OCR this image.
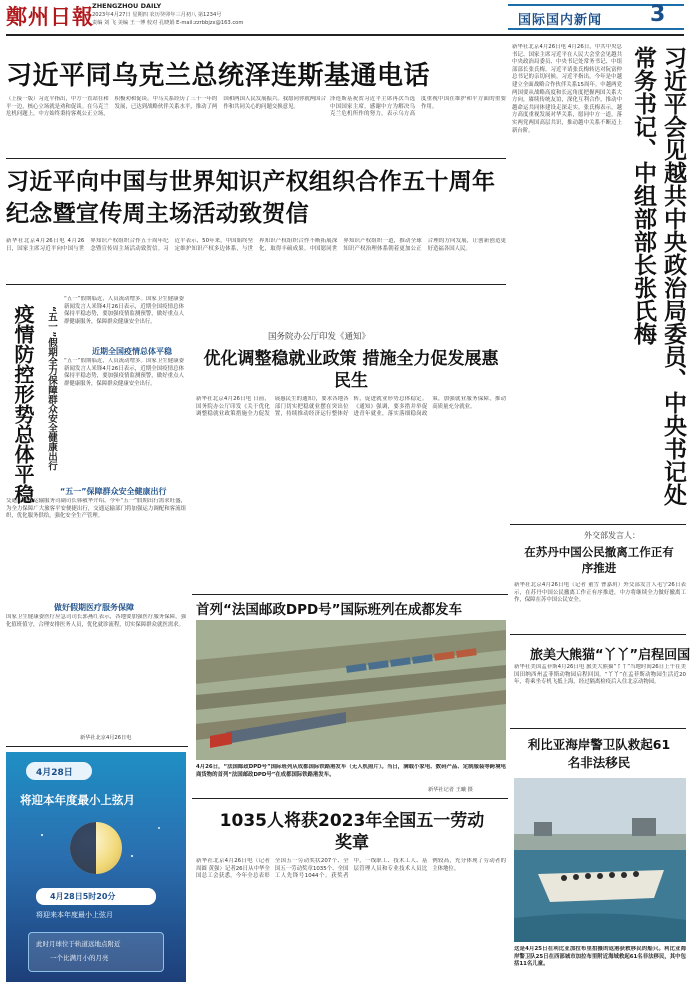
鄭州日報
ZHENGZHOU DAILY
2023年4月27日 星期四 农历癸卯年三月初八 第1234号
责编 刘 飞 美编 王一博 校对 孔晓娟 E-mail:zzrbbjzx@163.com	国际国内新闻 3
习近平同乌克兰总统泽连斯基通电话
（上接一版）习近平指出，中方一直站在和平一边，核心立场就是劝和促谈。在乌克兰危机问题上，中方始终秉持客观公正立场，积极劝和促谈。中乌关系经历了三十一年的发展，已达到战略伙伴关系水平，推动了两国和两国人民发展振兴。我愿同你就两国合作和共同关心的问题交换意见。
泽连斯基祝贺习近平主席再次当选中国国家主席，感谢中方为解决乌克兰危机所作的努力，表示乌方高度重视中国在维护和平方面的重要作用。
习近平向中国与世界知识产权组织合作五十周年纪念暨宣传周主场活动致贺信
新华社北京4月26日电 4月26日，国家主席习近平向中国与世界知识产权组织合作五十周年纪念暨宣传周主场活动致贺信。习近平表示，50年来，中国始终坚定维护知识产权多边体系，与世界知识产权组织合作不断拓展深化，取得丰硕成果。中国愿同世界知识产权组织一道，推动全球知识产权治理体系朝着更加公正合理的方向发展，让创新创造更好造福各国人民。
新华社北京4月26日电 4月26日，中共中央总书记、国家主席习近平在人民大会堂会见越共中央政治局委员、中央书记处常务书记、中组部部长张氏梅。习近平请张氏梅转达对阮富仲总书记的亲切问候。习近平指出，今年是中越建立全面战略合作伙伴关系15周年。中越两党两国要从战略高度和长远角度把握两国关系大方向，赓续传统友谊，深化互利合作，推动中越命运共同体建设走深走实。张氏梅表示，越方高度重视发展对华关系，愿同中方一道，落实两党两国高层共识，推动越中关系不断迈上新台阶。	习近平会见越共中央政治局委员、中央书记处常务书记、中组部部长张氏梅
疫情防控形势总体平稳	“五一”假期全力保障群众安全健康出行
“五一”假期临近，人员流动增多。国家卫生健康委新闻发言人米锋4月26日表示，近期全国疫情总体保持平稳态势，要加强疫情监测预警，做好重点人群健康服务，保障群众健康安全出行。
近期全国疫情总体平稳
“五一”假期临近，人员流动增多。国家卫生健康委新闻发言人米锋4月26日表示，近期全国疫情总体保持平稳态势，要加强疫情监测预警，做好重点人群健康服务，保障群众健康安全出行。
“五一”保障群众安全健康出行
交通运输部运输服务司副司长韩敬华介绍，今年“五一”假期出行需求旺盛，为全力保障广大旅客平安便捷出行，交通运输部门将加强运力调配和客流组织，优化服务供给，强化安全生产管理。
做好假期医疗服务保障
国家卫生健康委医疗应急司司长郭燕红表示，各地要加强医疗服务保障，强化值班值守，合理安排医务人员，优化就诊流程，切实保障群众就医需求。
新华社北京4月26日电
4月28日
将迎本年度最小上弦月
4月28日5时20分
将迎来本年度最小上弦月
此时月球位于轨道远地点附近
一个比满月小的月亮
国务院办公厅印发《通知》
优化调整稳就业政策 措施全力促发展惠民生
新华社北京4月26日电 日前，国务院办公厅印发《关于优化调整稳就业政策措施全力促发展惠民生的通知》，要求各地各部门切实把稳就业摆在突出位置，持续推动经济运行整体好转，促进就业形势总体稳定。《通知》强调，要多措并举促进青年就业，落实落细稳岗政策，加强就业服务保障，推动高质量充分就业。
首列“法国邮政DPD号”国际班列在成都发车
4月26日，“法国邮政DPD号”国际班列从成都国际铁路港发车（无人机照片）。当日，满载小家电、数码产品、定制服装等跨境电商货物的首列“法国邮政DPD号”在成都国际铁路港发车。
新华社记者 王曦 摄
1035人将获2023年全国五一劳动奖章
新华社北京4月26日电（记者 周圆 黄强）记者26日从中华全国总工会获悉，今年全总表彰全国五一劳动奖状207个、全国五一劳动奖章1035个、全国工人先锋号1044个。获奖者中，一线职工、技术工人、基层管理人员和专业技术人员比例较高，充分体现了劳动者的主体地位。
外交部发言人：
在苏丹中国公民撤离工作正有序推进
新华社北京4月26日电（记者 董雪 曹嘉玥）外交部发言人毛宁26日表示，在苏丹中国公民撤离工作正有序推进，中方将继续全力做好撤离工作，保障在苏中国公民安全。
旅美大熊猫“丫丫”启程回国
新华社美国孟菲斯4月26日电 旅美大熊猫“丫丫”当地时间26日上午在美国田纳西州孟菲斯动物园启程回国。“丫丫”在孟菲斯动物园生活近20年，将乘坐专机飞抵上海，经过隔离检疫后入住北京动物园。
利比亚海岸警卫队救起61名非法移民
这是4月25日在利比亚加拉布里拍摄的返港获救移民的船只。利比亚海岸警卫队25日在西部城市加拉布里附近海域救起61名非法移民，其中包括11名儿童。
